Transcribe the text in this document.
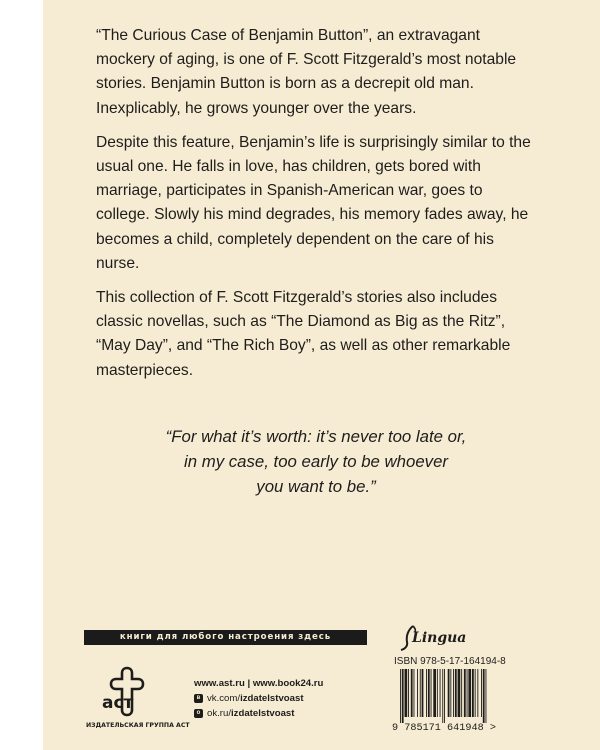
“The Curious Case of Benjamin Button”, an extravagant mockery of aging, is one of F. Scott Fitzgerald’s most notable stories. Benjamin Button is born as a decrepit old man. Inexplicably, he grows younger over the years.

Despite this feature, Benjamin’s life is surprisingly similar to the usual one. He falls in love, has children, gets bored with marriage, participates in Spanish-American war, goes to college. Slowly his mind degrades, his memory fades away, he becomes a child, completely dependent on the care of his nurse.

This collection of F. Scott Fitzgerald’s stories also includes classic novellas, such as “The Diamond as Big as the Ritz”, “May Day”, and “The Rich Boy”, as well as other remarkable masterpieces.

“For what it’s worth: it’s never too late or,
in my case, too early to be whoever
you want to be.”
книги для любого настроения здесь
аст
ИЗДАТЕЛЬСКАЯ ГРУППА АСТ
www.ast.ru | www.book24.ru
ʙ vk.com/ izdatelstvoast
o ok.ru/ izdatelstvoast
Lingua
ISBN 978-5-17-164194-8
9 785171 641948 >
